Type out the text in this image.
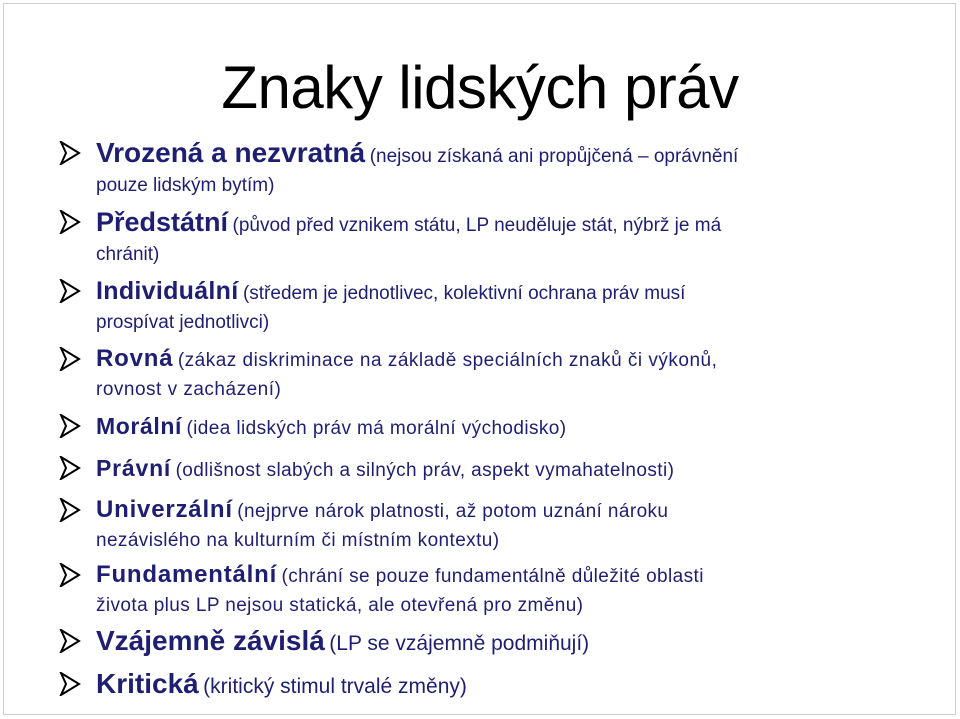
Znaky lidských práv
Vrozená a nezvratná (nejsou získaná ani propůjčená – oprávnění
pouze lidským bytím)
Předstátní (původ před vznikem státu, LP neuděluje stát, nýbrž je má
chránit)
Individuální (středem je jednotlivec, kolektivní ochrana práv musí
prospívat jednotlivci)
Rovná (zákaz diskriminace na základě speciálních znaků či výkonů,
rovnost v zacházení)
Morální (idea lidských práv má morální východisko)
Právní (odlišnost slabých a silných práv, aspekt vymahatelnosti)
Univerzální (nejprve nárok platnosti, až potom uznání nároku
nezávislého na kulturním či místním kontextu)
Fundamentální (chrání se pouze fundamentálně důležité oblasti
života plus LP nejsou statická, ale otevřená pro změnu)
Vzájemně závislá (LP se vzájemně podmiňují)
Kritická (kritický stimul trvalé změny)
